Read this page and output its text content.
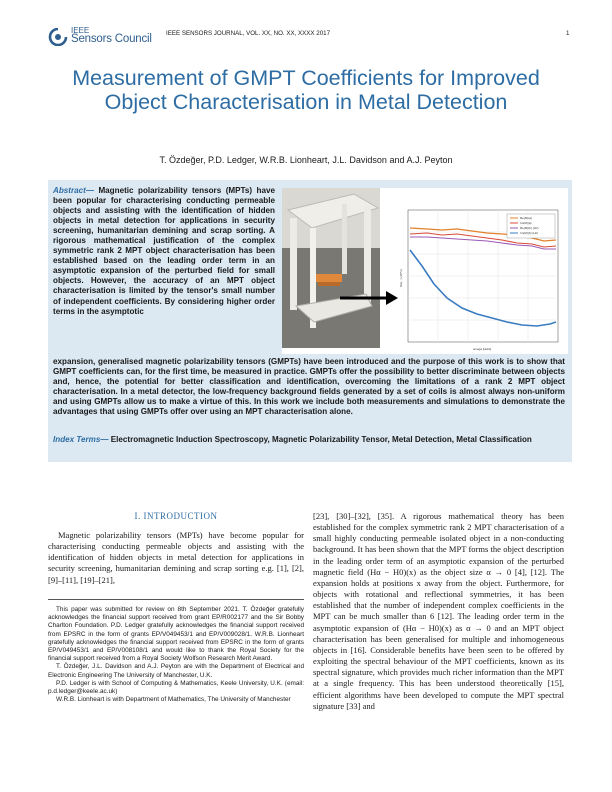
IEEE
Sensors Council IEEE SENSORS JOURNAL, VOL. XX, NO. XX, XXXX 2017	1
Measurement of GMPT Coefficients for Improved Object Characterisation in Metal Detection
T. Özdeğer, P.D. Ledger, W.R.B. Lionheart, J.L. Davidson and A.J. Peyton
Abstract— Magnetic polarizability tensors (MPTs) have been popular for characterising conducting permeable objects and assisting with the identification of hidden objects in metal detection for applications in security screening, humanitarian demining and scrap sorting. A rigorous mathematical justification of the complex symmetric rank 2 MPT object characterisation has been established based on the leading order term in an asymptotic expansion of the perturbed field for small objects. However, the accuracy of an MPT object characterisation is limited by the tensor's small number of independent coefficients. By considering higher order terms in the asymptotic
expansion, generalised magnetic polarizability tensors (GMPTs) have been introduced and the purpose of this work is to show that GMPT coefficients can, for the first time, be measured in practice. GMPTs offer the possibility to better discriminate between objects and, hence, the potential for better classification and identification, overcoming the limitations of a rank 2 MPT object characterisation. In a metal detector, the low-frequency background fields generated by a set of coils is almost always non-uniform and using GMPTs allow us to make a virtue of this. In this work we include both measurements and simulations to demonstrate the advantages that using GMPTs offer over using an MPT characterisation alone.
Index Terms— Electromagnetic Induction Spectroscopy, Magnetic Polarizability Tensor, Metal Detection, Metal Classification
Re(M)(a)
Im(M)(a)
Re(M)(b) (Hz)
Im(M)(b) (Hz)
omega [rad/s]
Re(...) (10^x)
I. INTRODUCTION
Magnetic polarizability tensors (MPTs) have become popular for characterising conducting permeable objects and assisting with the identification of hidden objects in metal detection for applications in security screening, humanitarian demining and scrap sorting e.g. [1], [2], [9]–[11], [19]–[21],

This paper was submitted for review on 8th September 2021. T. Özdeğer gratefully acknowledges the financial support received from grant EP/R002177 and the Sir Bobby Charlton Foundation. P.D. Ledger gratefully acknowledges the financial support received from EPSRC in the form of grants EP/V049453/1 and EP/V009028/1. W.R.B. Lionheart gratefully acknowledges the financial support received from EPSRC in the form of grants EP/V049453/1 and EP/V008108/1 and would like to thank the Royal Society for the financial support received from a Royal Society Wolfson Research Merit Award.

T. Özdeğer, J.L. Davidson and A.J. Peyton are with the Department of Electrical and Electronic Engineering The University of Manchester, U.K.

P.D. Ledger is with School of Computing & Mathematics, Keele University, U.K. (email: p.d.ledger@keele.ac.uk)

W.R.B. Lionheart is with Department of Mathematics, The University of Manchester

[23], [30]–[32], [35]. A rigorous mathematical theory has been established for the complex symmetric rank 2 MPT characterisation of a small highly conducting permeable isolated object in a non-conducting background. It has been shown that the MPT forms the object description in the leading order term of an asymptotic expansion of the perturbed magnetic field (Hα − H0)(x) as the object size α → 0 [4], [12]. The expansion holds at positions x away from the object. Furthermore, for objects with rotational and reflectional symmetries, it has been established that the number of independent complex coefficients in the MPT can be much smaller than 6 [12]. The leading order term in the asymptotic expansion of (Hα − H0)(x) as α → 0 and an MPT object characterisation has been generalised for multiple and inhomogeneous objects in [16]. Considerable benefits have been seen to be offered by exploiting the spectral behaviour of the MPT coefficients, known as its spectral signature, which provides much richer information than the MPT at a single frequency. This has been understood theoretically [15], efficient algorithms have been developed to compute the MPT spectral signature [33] and
